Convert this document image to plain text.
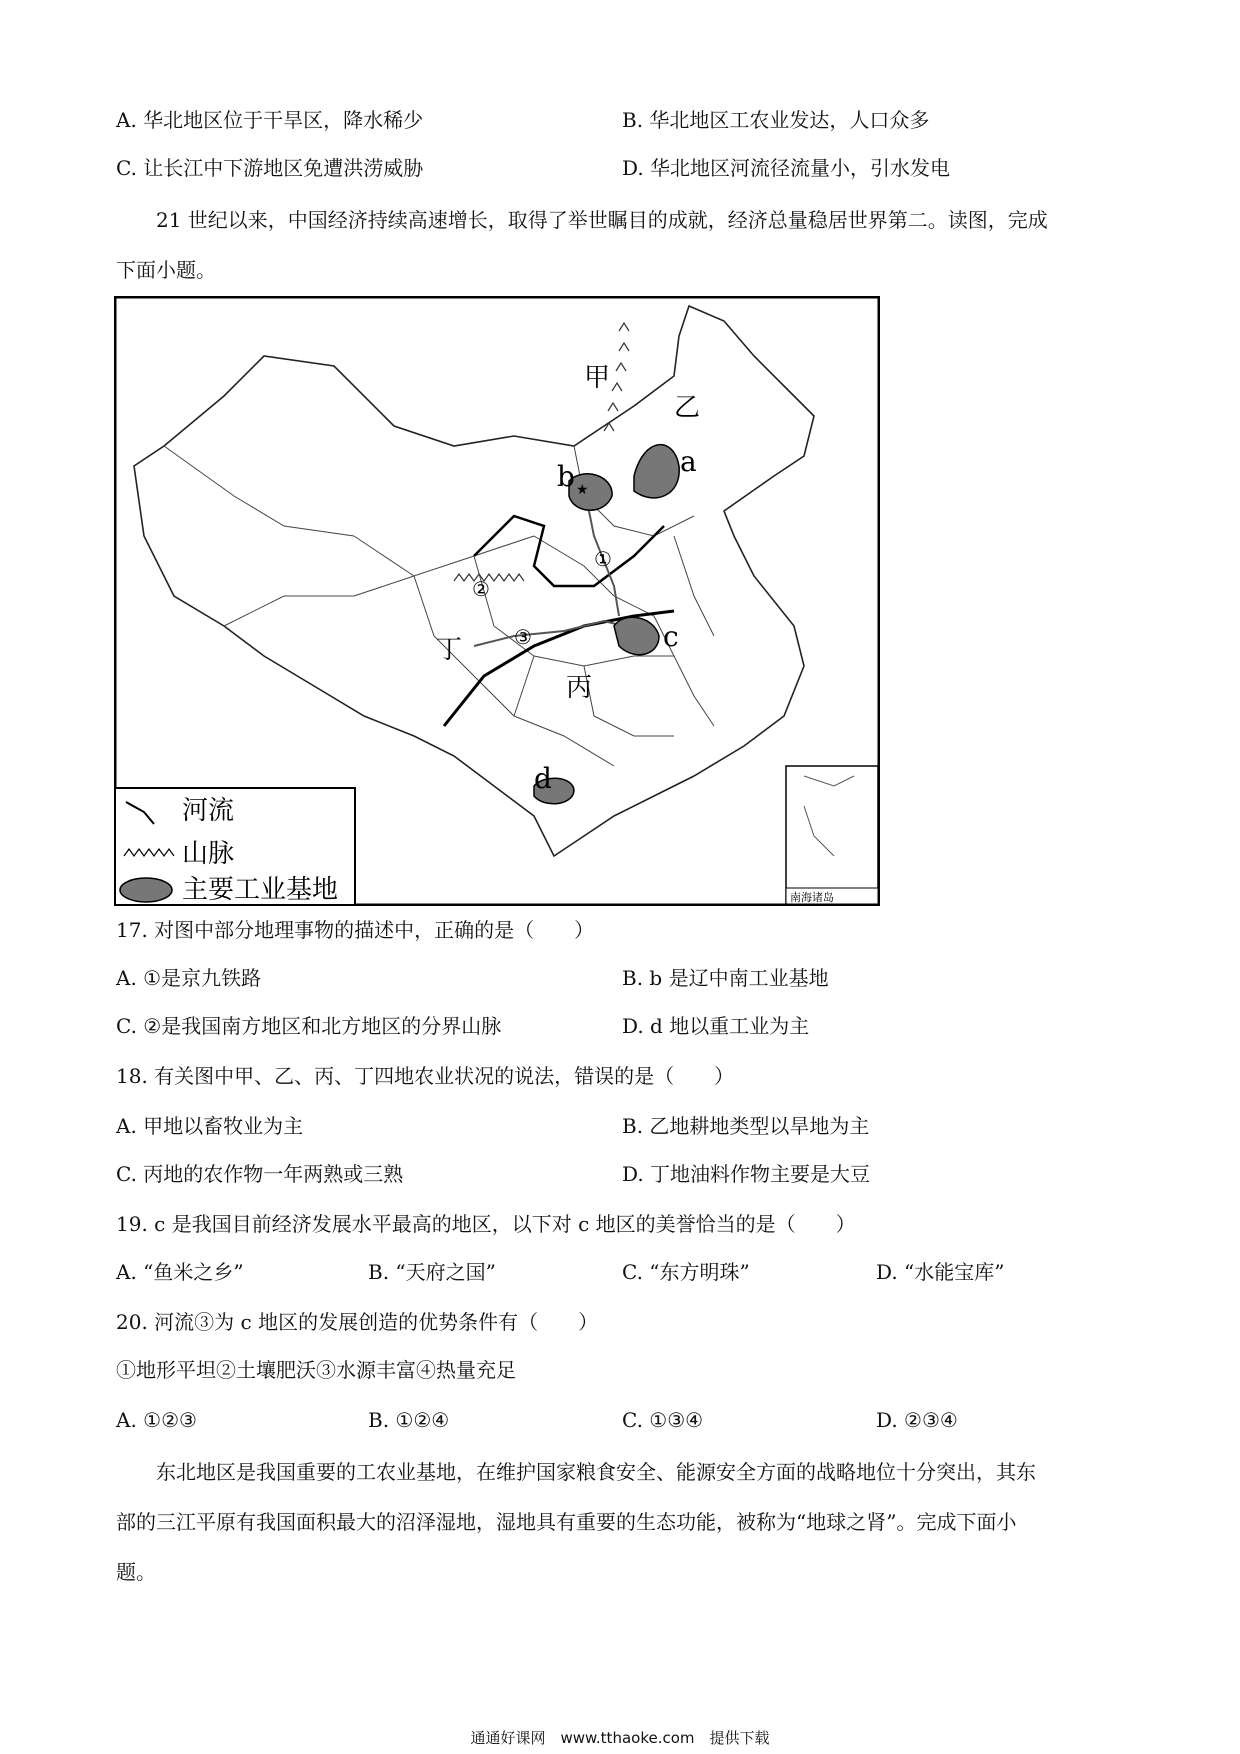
A. 华北地区位于干旱区，降水稀少	B. 华北地区工农业发达，人口众多
C. 让长江中下游地区免遭洪涝威胁	D. 华北地区河流径流量小，引水发电
21 世纪以来，中国经济持续高速增长，取得了举世瞩目的成就，经济总量稳居世界第二。读图，完成
下面小题。
★
甲
乙
a
b
c
d
①
②
③
丙
丁
南海诸岛
河流
山脉
主要工业基地
17. 对图中部分地理事物的描述中，正确的是（　　）
A. ①是京九铁路	B. b 是辽中南工业基地
C. ②是我国南方地区和北方地区的分界山脉	D. d 地以重工业为主
18. 有关图中甲、乙、丙、丁四地农业状况的说法，错误的是（　　）
A. 甲地以畜牧业为主	B. 乙地耕地类型以旱地为主
C. 丙地的农作物一年两熟或三熟	D. 丁地油料作物主要是大豆
19. c 是我国目前经济发展水平最高的地区，以下对 c 地区的美誉恰当的是（　　）
A. “鱼米之乡”	B. “天府之国”	C. “东方明珠”	D. “水能宝库”
20. 河流③为 c 地区的发展创造的优势条件有（　　）
①地形平坦②土壤肥沃③水源丰富④热量充足
A. ①②③	B. ①②④	C. ①③④	D. ②③④
东北地区是我国重要的工农业基地，在维护国家粮食安全、能源安全方面的战略地位十分突出，其东
部的三江平原有我国面积最大的沼泽湿地，湿地具有重要的生态功能，被称为“地球之肾”。完成下面小
题。
通通好课网　www.tthaoke.com　提供下载
